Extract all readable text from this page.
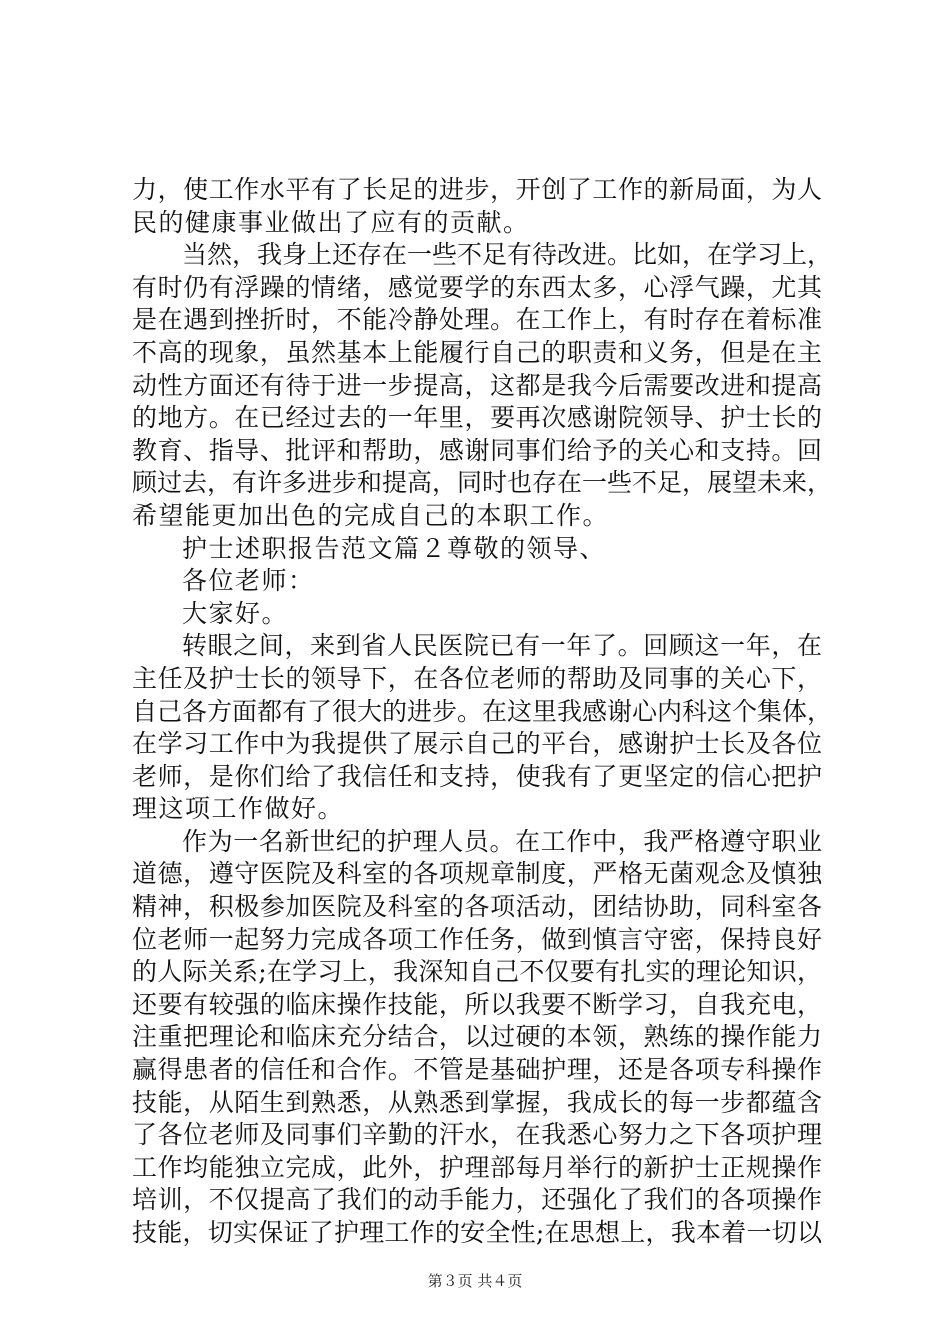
力，使工作水平有了长足的进步，开创了工作的新局面，为人
民的健康事业做出了应有的贡献。
当然，我身上还存在一些不足有待改进。比如，在学习上，
有时仍有浮躁的情绪，感觉要学的东西太多，心浮气躁，尤其
是在遇到挫折时，不能冷静处理。在工作上，有时存在着标准
不高的现象，虽然基本上能履行自己的职责和义务，但是在主
动性方面还有待于进一步提高，这都是我今后需要改进和提高
的地方。在已经过去的一年里，要再次感谢院领导、护士长的
教育、指导、批评和帮助，感谢同事们给予的关心和支持。回
顾过去，有许多进步和提高，同时也存在一些不足，展望未来，
希望能更加出色的完成自己的本职工作。
护士述职报告范文篇２尊敬的领导、
各位老师：
大家好。
转眼之间，来到省人民医院已有一年了。回顾这一年，在
主任及护士长的领导下，在各位老师的帮助及同事的关心下，
自己各方面都有了很大的进步。在这里我感谢心内科这个集体，
在学习工作中为我提供了展示自己的平台，感谢护士长及各位
老师，是你们给了我信任和支持，使我有了更坚定的信心把护
理这项工作做好。
作为一名新世纪的护理人员。在工作中，我严格遵守职业
道德，遵守医院及科室的各项规章制度，严格无菌观念及慎独
精神，积极参加医院及科室的各项活动，团结协助，同科室各
位老师一起努力完成各项工作任务，做到慎言守密，保持良好
的人际关系;在学习上，我深知自己不仅要有扎实的理论知识，
还要有较强的临床操作技能，所以我要不断学习，自我充电，
注重把理论和临床充分结合，以过硬的本领，熟练的操作能力
赢得患者的信任和合作。不管是基础护理，还是各项专科操作
技能，从陌生到熟悉，从熟悉到掌握，我成长的每一步都蕴含
了各位老师及同事们辛勤的汗水，在我悉心努力之下各项护理
工作均能独立完成，此外，护理部每月举行的新护士正规操作
培训，不仅提高了我们的动手能力，还强化了我们的各项操作
技能，切实保证了护理工作的安全性;在思想上，我本着一切以
第３页 共４页
